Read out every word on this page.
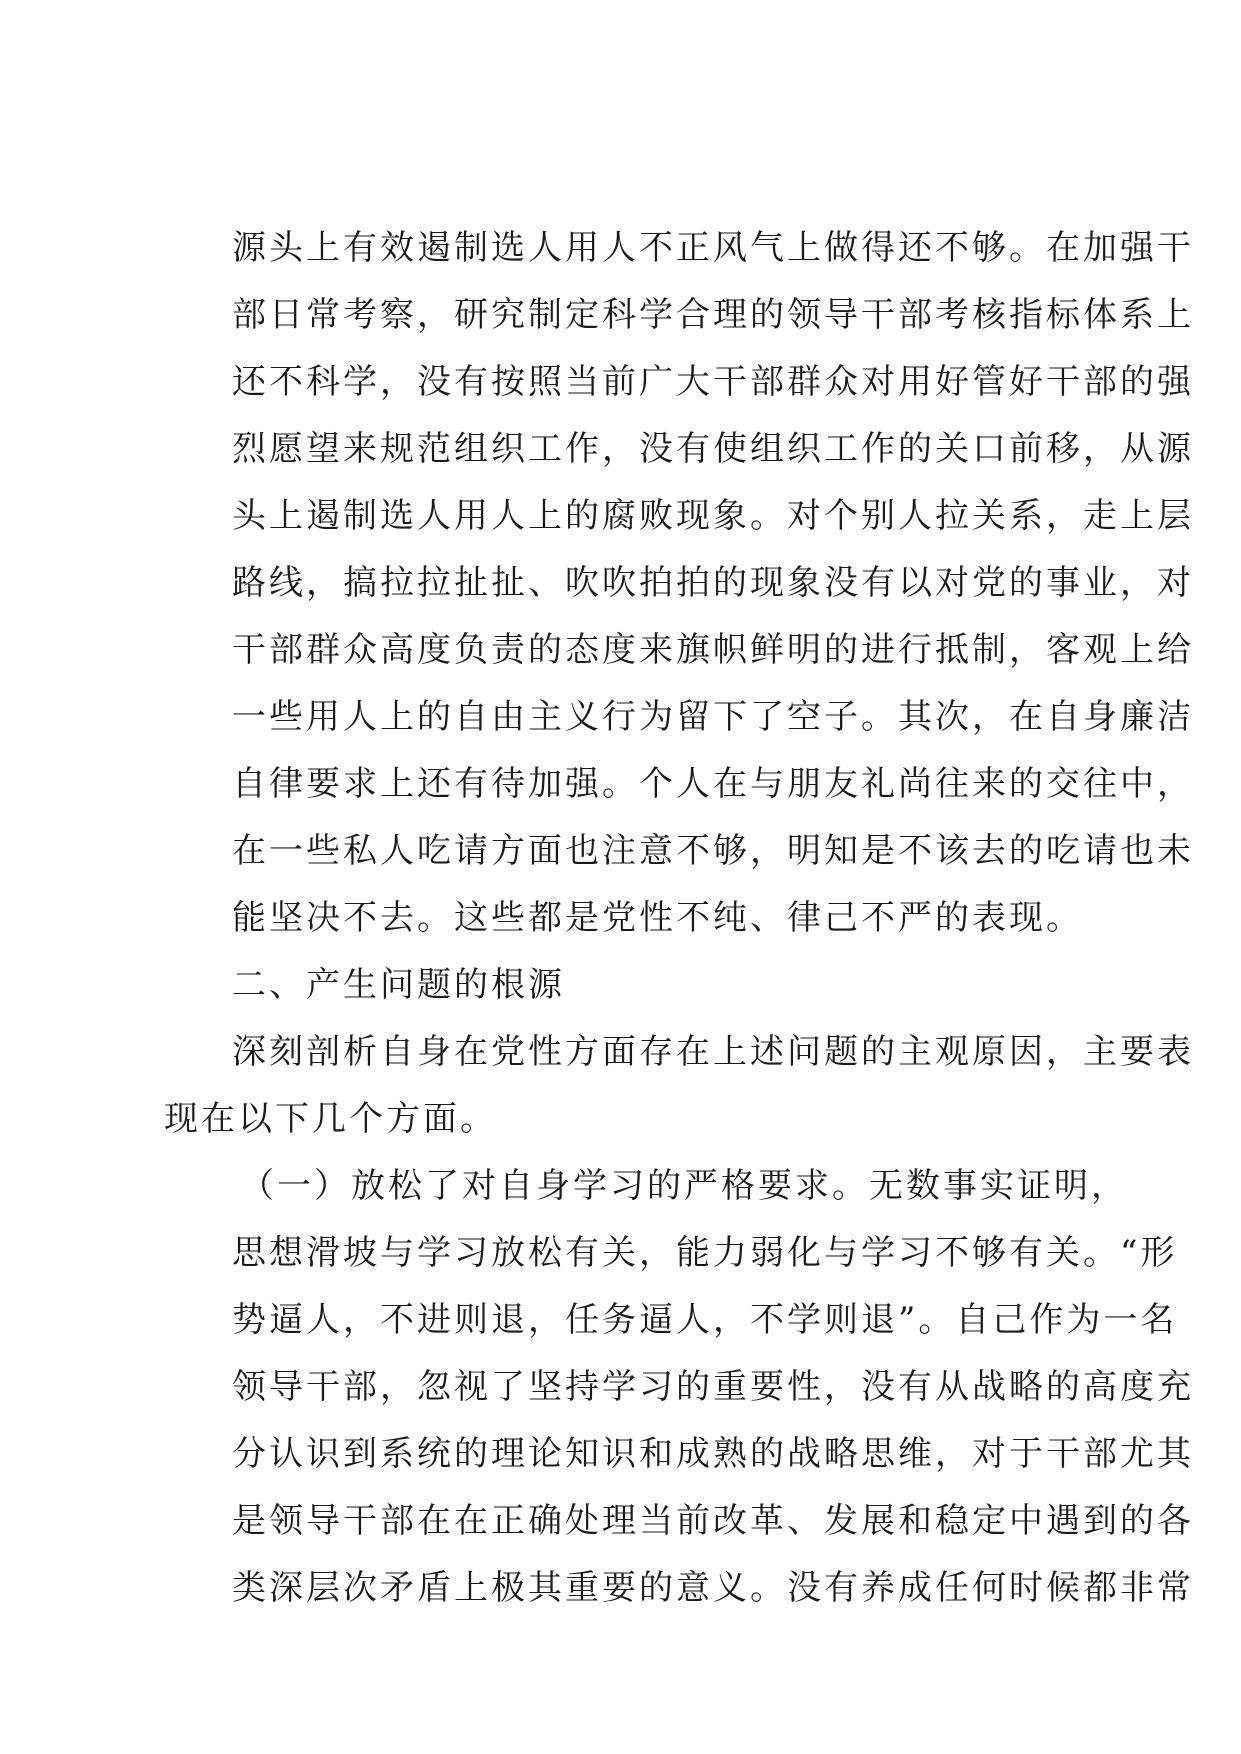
源头上有效遏制选人用人不正风气上做得还不够。在加强干
部日常考察，研究制定科学合理的领导干部考核指标体系上
还不科学，没有按照当前广大干部群众对用好管好干部的强
烈愿望来规范组织工作，没有使组织工作的关口前移，从源
头上遏制选人用人上的腐败现象。对个别人拉关系，走上层
路线，搞拉拉扯扯、吹吹拍拍的现象没有以对党的事业，对
干部群众高度负责的态度来旗帜鲜明的进行抵制，客观上给
一些用人上的自由主义行为留下了空子。其次，在自身廉洁
自律要求上还有待加强。个人在与朋友礼尚往来的交往中，
在一些私人吃请方面也注意不够，明知是不该去的吃请也未
能坚决不去。这些都是党性不纯、律己不严的表现。
二、产生问题的根源
深刻剖析自身在党性方面存在上述问题的主观原因，主要表
现在以下几个方面。
（一）放松了对自身学习的严格要求。无数事实证明，
思想滑坡与学习放松有关，能力弱化与学习不够有关。“形
势逼人，不进则退，任务逼人，不学则退”。自己作为一名
领导干部，忽视了坚持学习的重要性，没有从战略的高度充
分认识到系统的理论知识和成熟的战略思维，对于干部尤其
是领导干部在在正确处理当前改革、发展和稳定中遇到的各
类深层次矛盾上极其重要的意义。没有养成任何时候都非常
